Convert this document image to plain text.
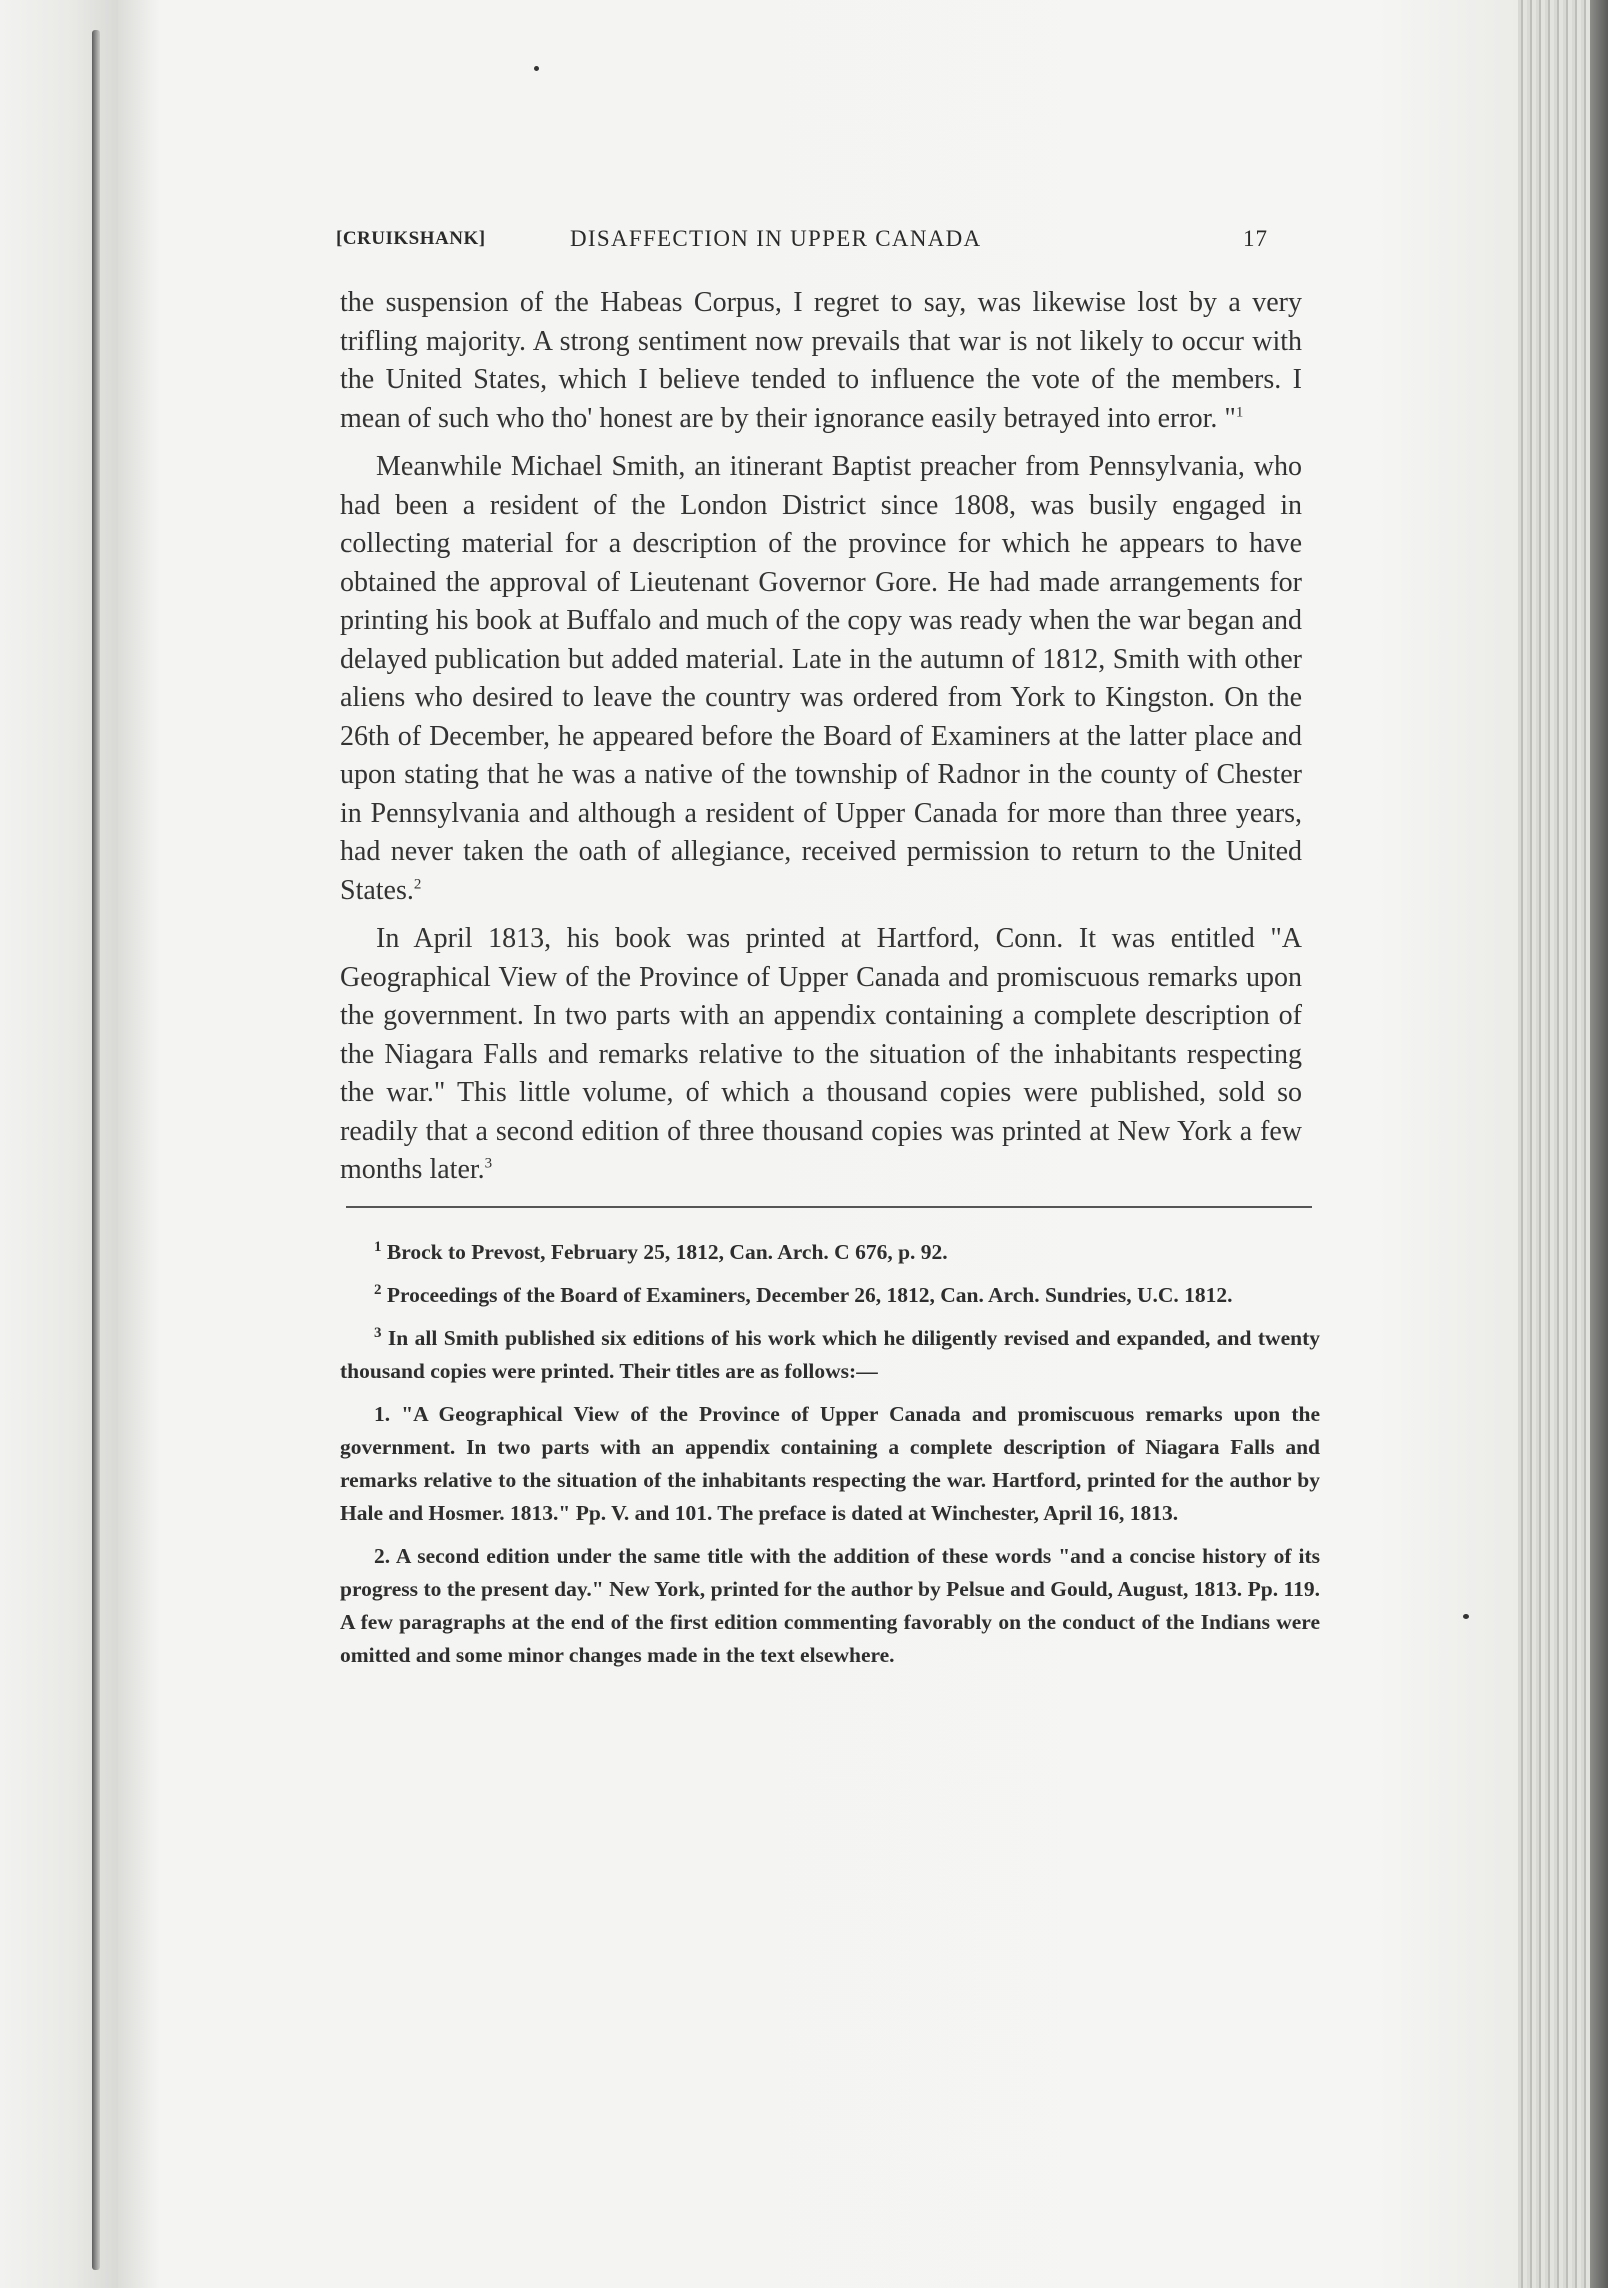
[CRUIKSHANK]	DISAFFECTION IN UPPER CANADA	17

the suspension of the Habeas Corpus, I regret to say, was likewise lost by a very trifling majority. A strong sentiment now prevails that war is not likely to occur with the United States, which I believe tended to influence the vote of the members. I mean of such who tho' honest are by their ignorance easily betrayed into error. "$^1$

Meanwhile Michael Smith, an itinerant Baptist preacher from Pennsylvania, who had been a resident of the London District since 1808, was busily engaged in collecting material for a description of the province for which he appears to have obtained the approval of Lieutenant Governor Gore. He had made arrangements for printing his book at Buffalo and much of the copy was ready when the war began and delayed publication but added material. Late in the autumn of 1812, Smith with other aliens who desired to leave the country was ordered from York to Kingston. On the 26th of December, he appeared before the Board of Examiners at the latter place and upon stating that he was a native of the township of Radnor in the county of Chester in Pennsylvania and although a resident of Upper Canada for more than three years, had never taken the oath of allegiance, received permission to return to the United States.$^2$

In April 1813, his book was printed at Hartford, Conn. It was entitled "A Geographical View of the Province of Upper Canada and promiscuous remarks upon the government. In two parts with an appendix containing a complete description of the Niagara Falls and remarks relative to the situation of the inhabitants respecting the war." This little volume, of which a thousand copies were published, sold so readily that a second edition of three thousand copies was printed at New York a few months later.$^3$

$^1$ Brock to Prevost, February 25, 1812, Can. Arch. C 676, p. 92.

$^2$ Proceedings of the Board of Examiners, December 26, 1812, Can. Arch. Sundries, U.C. 1812.

$^3$ In all Smith published six editions of his work which he diligently revised and expanded, and twenty thousand copies were printed. Their titles are as follows:—

1. "A Geographical View of the Province of Upper Canada and promiscuous remarks upon the government. In two parts with an appendix containing a complete description of Niagara Falls and remarks relative to the situation of the inhabitants respecting the war. Hartford, printed for the author by Hale and Hosmer. 1813." Pp. V. and 101. The preface is dated at Winchester, April 16, 1813.

2. A second edition under the same title with the addition of these words "and a concise history of its progress to the present day." New York, printed for the author by Pelsue and Gould, August, 1813. Pp. 119. A few paragraphs at the end of the first edition commenting favorably on the conduct of the Indians were omitted and some minor changes made in the text elsewhere.
